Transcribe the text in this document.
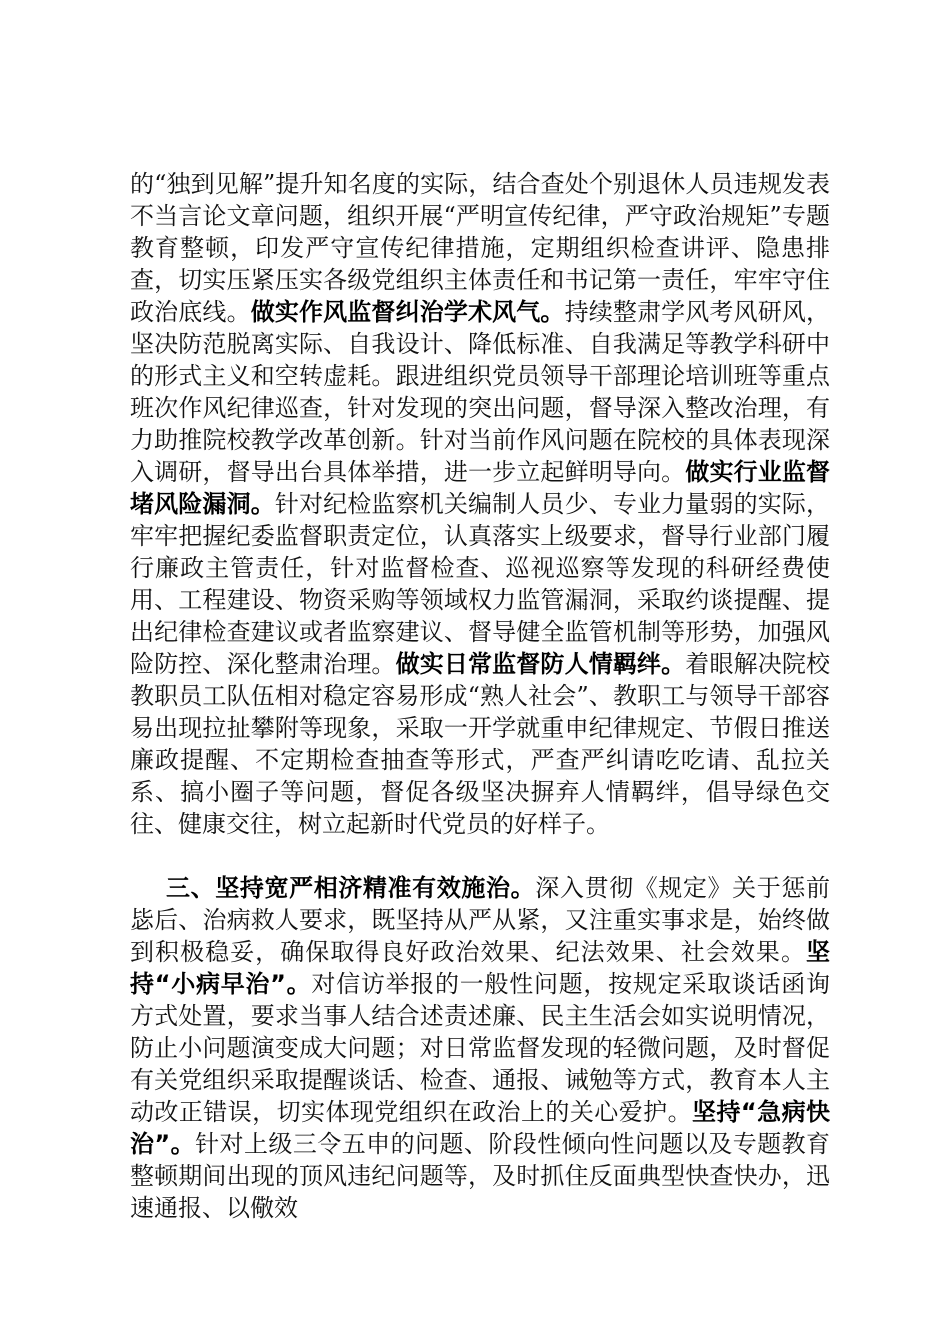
的“独到见解”提升知名度的实际，结合查处个别退休人员违规发表不当言论文章问题，组织开展“严明宣传纪律，严守政治规矩”专题教育整顿，印发严守宣传纪律措施，定期组织检查讲评、隐患排查，切实压紧压实各级党组织主体责任和书记第一责任，牢牢守住政治底线。做实作风监督纠治学术风气。持续整肃学风考风研风，坚决防范脱离实际、自我设计、降低标准、自我满足等教学科研中的形式主义和空转虚耗。跟进组织党员领导干部理论培训班等重点班次作风纪律巡查，针对发现的突出问题，督导深入整改治理，有力助推院校教学改革创新。针对当前作风问题在院校的具体表现深入调研，督导出台具体举措，进一步立起鲜明导向。做实行业监督堵风险漏洞。针对纪检监察机关编制人员少、专业力量弱的实际，牢牢把握纪委监督职责定位，认真落实上级要求，督导行业部门履行廉政主管责任，针对监督检查、巡视巡察等发现的科研经费使用、工程建设、物资采购等领域权力监管漏洞，采取约谈提醒、提出纪律检查建议或者监察建议、督导健全监管机制等形势，加强风险防控、深化整肃治理。做实日常监督防人情羁绊。着眼解决院校教职员工队伍相对稳定容易形成“熟人社会”、教职工与领导干部容易出现拉扯攀附等现象，采取一开学就重申纪律规定、节假日推送廉政提醒、不定期检查抽查等形式，严查严纠请吃吃请、乱拉关系、搞小圈子等问题，督促各级坚决摒弃人情羁绊，倡导绿色交往、健康交往，树立起新时代党员的好样子。

三、坚持宽严相济精准有效施治。深入贯彻《规定》关于惩前毖后、治病救人要求，既坚持从严从紧，又注重实事求是，始终做到积极稳妥，确保取得良好政治效果、纪法效果、社会效果。坚持“小病早治”。对信访举报的一般性问题，按规定采取谈话函询方式处置，要求当事人结合述责述廉、民主生活会如实说明情况，防止小问题演变成大问题；对日常监督发现的轻微问题，及时督促有关党组织采取提醒谈话、检查、通报、诫勉等方式，教育本人主动改正错误，切实体现党组织在政治上的关心爱护。坚持“急病快治”。针对上级三令五申的问题、阶段性倾向性问题以及专题教育整顿期间出现的顶风违纪问题等，及时抓住反面典型快查快办，迅速通报、以儆效
